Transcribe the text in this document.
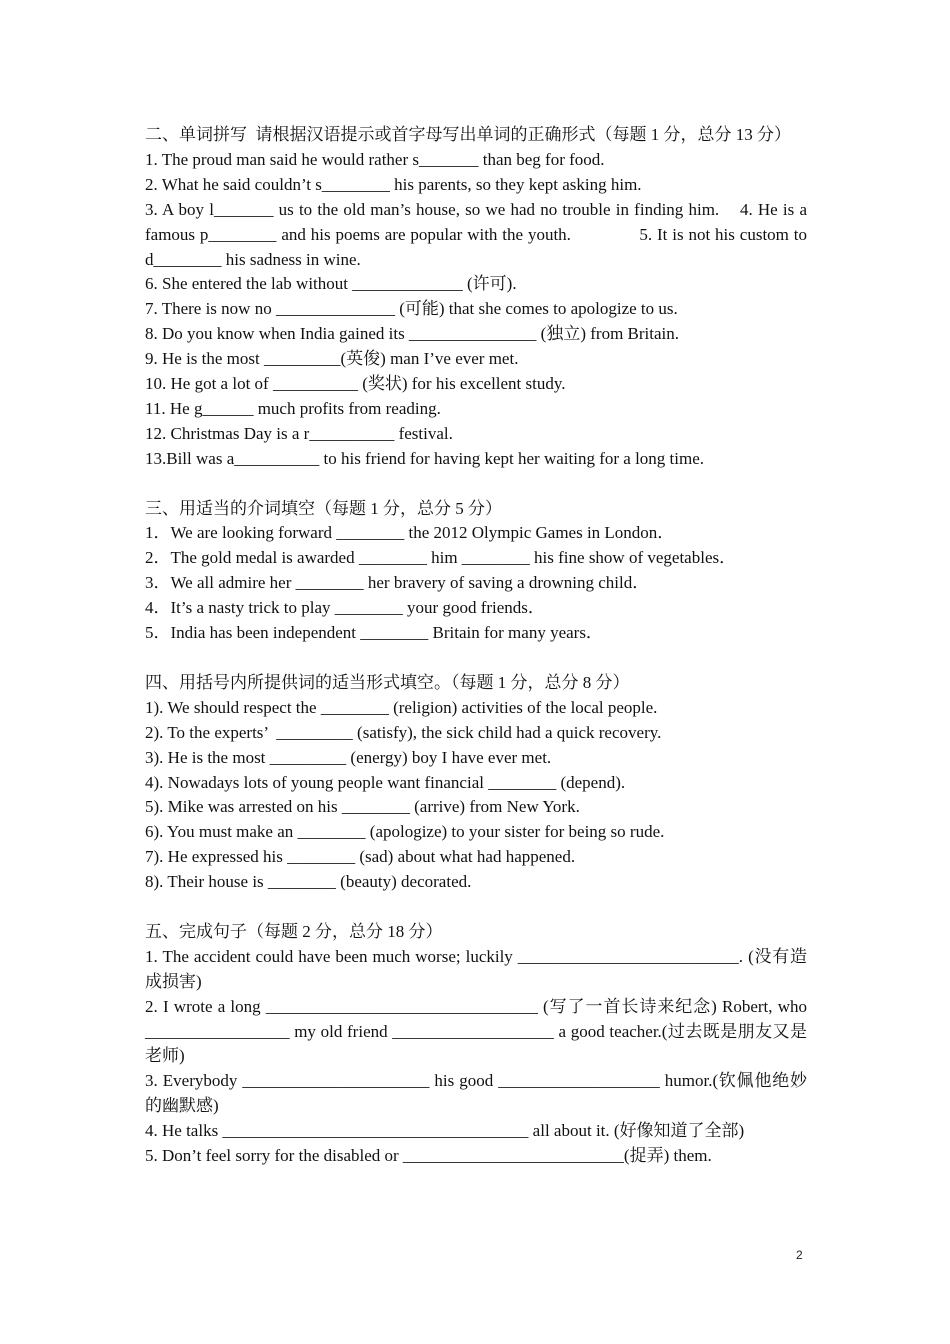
二、单词拼写  请根据汉语提示或首字母写出单词的正确形式（每题 1 分，总分 13 分）
1. The proud man said he would rather s_______ than beg for food.
2. What he said couldn’t s________ his parents, so they kept asking him.
3. A boy l_______ us to the old man’s house, so we had no trouble in finding him.    4. He is a famous p________ and his poems are popular with the youth.              5. It is not his custom to d________ his sadness in wine.
6. She entered the lab without _____________ (许可).
7. There is now no ______________ (可能) that she comes to apologize to us.
8. Do you know when India gained its _______________ (独立) from Britain.
9. He is the most _________(英俊) man I’ve ever met.
10. He got a lot of __________ (奖状) for his excellent study.
11. He g______ much profits from reading.
12. Christmas Day is a r__________ festival.
13.Bill was a__________ to his friend for having kept her waiting for a long time.
三、用适当的介词填空（每题 1 分，总分 5 分）
1．We are looking forward ________ the 2012 Olympic Games in London．
2．The gold medal is awarded ________ him ________ his fine show of vegetables．
3．We all admire her ________ her bravery of saving a drowning child．
4．It’s a nasty trick to play ________ your good friends．
5．India has been independent ________ Britain for many years．
四、用括号内所提供词的适当形式填空。（每题 1 分，总分 8 分）
1). We should respect the ________ (religion) activities of the local people.
2). To the experts’  _________ (satisfy), the sick child had a quick recovery.
3). He is the most _________ (energy) boy I have ever met.
4). Nowadays lots of young people want financial ________ (depend).
5). Mike was arrested on his ________ (arrive) from New York.
6). You must make an ________ (apologize) to your sister for being so rude.
7). He expressed his ________ (sad) about what had happened.
8). Their house is ________ (beauty) decorated.
五、完成句子（每题 2 分，总分 18 分）
1. The accident could have been much worse; luckily __________________________. (没有造成损害)
2. I wrote a long ________________________________ (写了一首长诗来纪念) Robert, who _________________ my old friend ___________________ a good teacher.(过去既是朋友又是老师)
3. Everybody ______________________ his good ___________________ humor.(钦佩他绝妙的幽默感)
4. He talks ____________________________________ all about it. (好像知道了全部)
5. Don’t feel sorry for the disabled or __________________________(捉弄) them.
2
